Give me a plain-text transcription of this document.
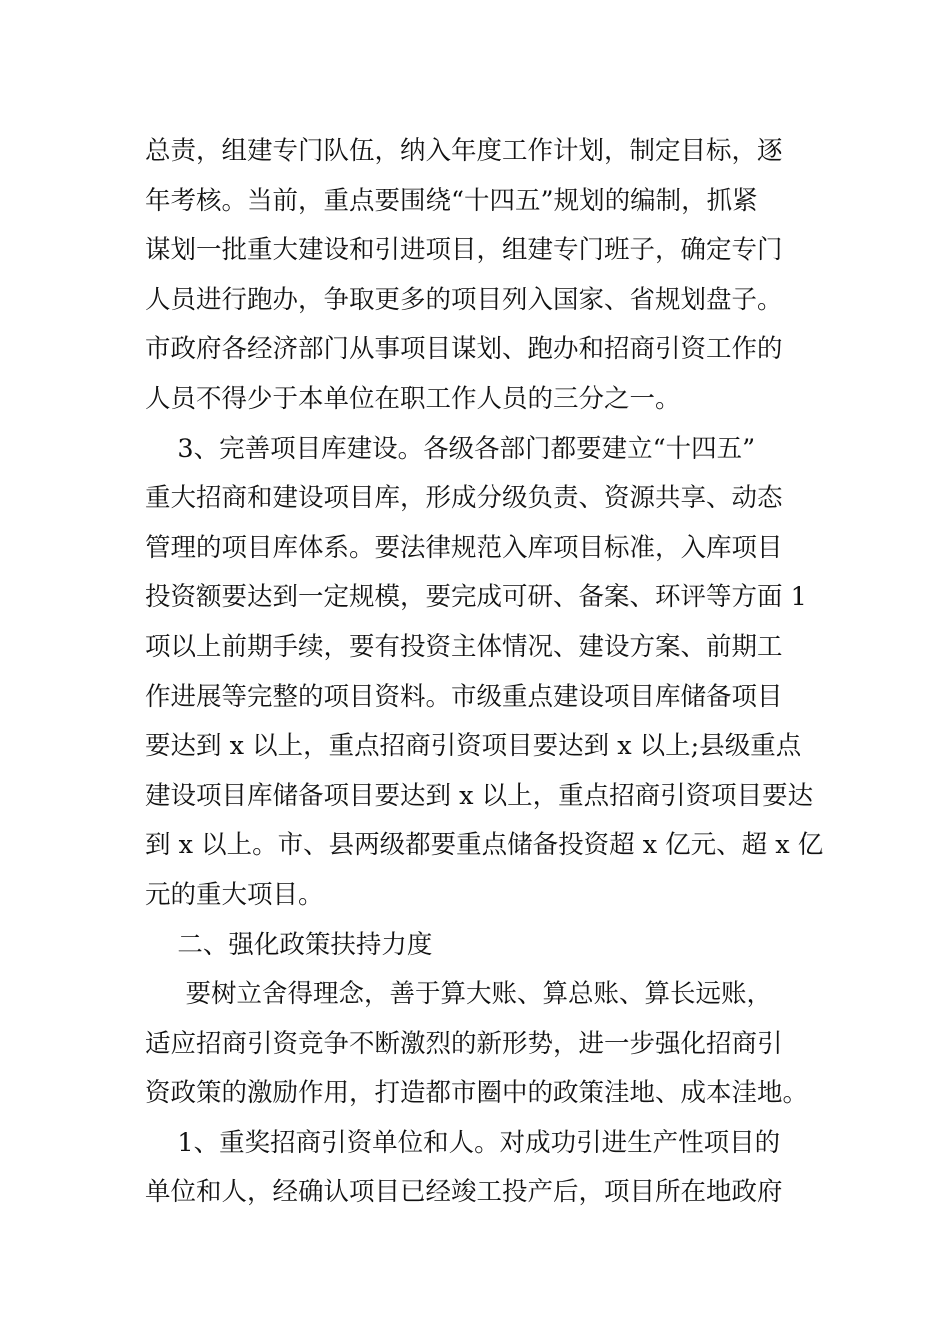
总责，组建专门队伍，纳入年度工作计划，制定目标，逐
年考核。当前，重点要围绕“十四五”规划的编制，抓紧
谋划一批重大建设和引进项目，组建专门班子，确定专门
人员进行跑办，争取更多的项目列入国家、省规划盘子。
市政府各经济部门从事项目谋划、跑办和招商引资工作的
人员不得少于本单位在职工作人员的三分之一。
3、完善项目库建设。各级各部门都要建立“十四五”
重大招商和建设项目库，形成分级负责、资源共享、动态
管理的项目库体系。要法律规范入库项目标准，入库项目
投资额要达到一定规模，要完成可研、备案、环评等方面 1
项以上前期手续，要有投资主体情况、建设方案、前期工
作进展等完整的项目资料。市级重点建设项目库储备项目
要达到 x 以上，重点招商引资项目要达到 x 以上;县级重点
建设项目库储备项目要达到 x 以上，重点招商引资项目要达
到 x 以上。市、县两级都要重点储备投资超 x 亿元、超 x 亿
元的重大项目。
二、强化政策扶持力度
要树立舍得理念，善于算大账、算总账、算长远账，
适应招商引资竞争不断激烈的新形势，进一步强化招商引
资政策的激励作用，打造都市圈中的政策洼地、成本洼地。
1、重奖招商引资单位和人。对成功引进生产性项目的
单位和人，经确认项目已经竣工投产后，项目所在地政府
